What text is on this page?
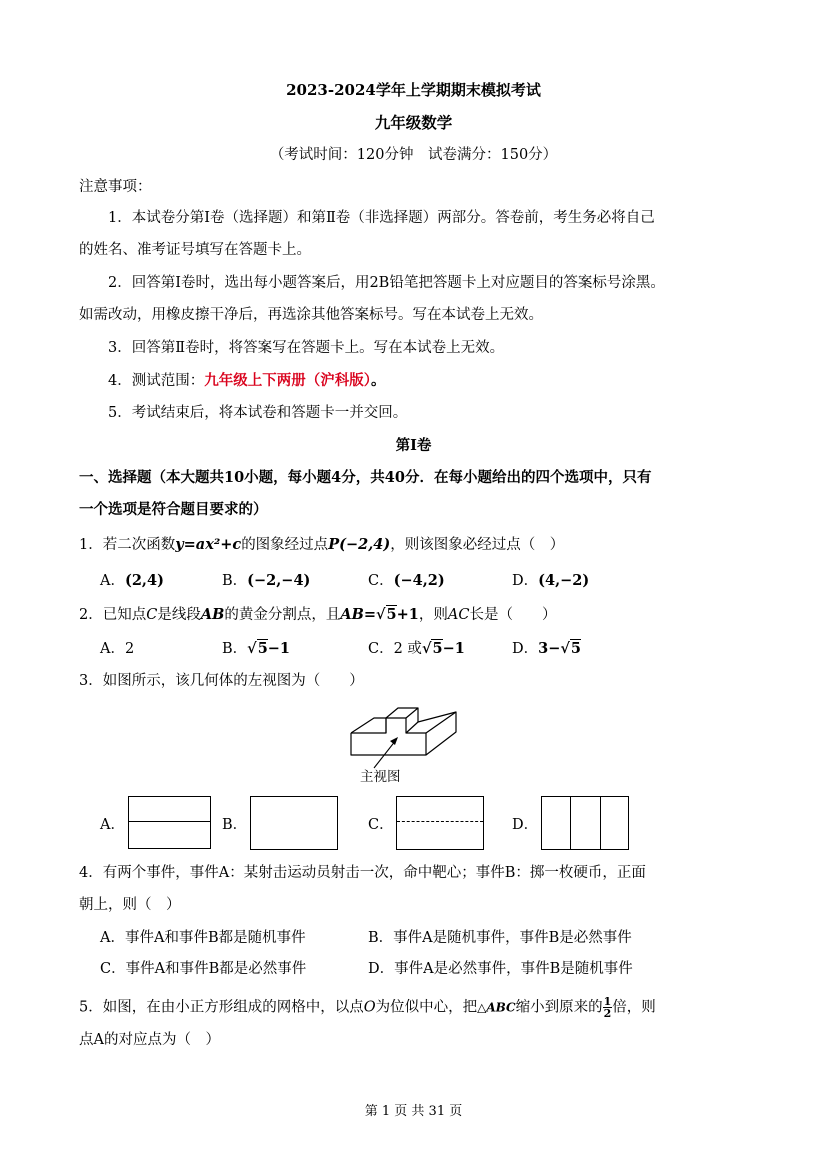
2023-2024学年上学期期末模拟考试
九年级数学
（考试时间：120分钟　试卷满分：150分）
注意事项：
1．本试卷分第Ⅰ卷（选择题）和第Ⅱ卷（非选择题）两部分。答卷前，考生务必将自己
的姓名、准考证号填写在答题卡上。
2．回答第Ⅰ卷时，选出每小题答案后，用2B铅笔把答题卡上对应题目的答案标号涂黑。
如需改动，用橡皮擦干净后，再选涂其他答案标号。写在本试卷上无效。
3．回答第Ⅱ卷时，将答案写在答题卡上。写在本试卷上无效。
4．测试范围：九年级上下两册（沪科版）。
5．考试结束后，将本试卷和答题卡一并交回。
第Ⅰ卷
一、选择题（本大题共10小题，每小题4分，共40分．在每小题给出的四个选项中，只有
一个选项是符合题目要求的）
1．若二次函数y=ax²+c的图象经过点P(−2,4)，则该图象必经过点（　）
A．(2,4)	B．(−2,−4)	C．(−4,2)	D．(4,−2)
2．已知点C是线段AB的黄金分割点，且AB=√5+1，则AC长是（　　）
A．2	B．√5−1	C．2 或√5−1	D．3−√5
3．如图所示，该几何体的左视图为（　　）
主视图
A．	B．	C．	D．
4．有两个事件，事件A：某射击运动员射击一次，命中靶心；事件B：掷一枚硬币，正面
朝上，则（　）
A．事件A和事件B都是随机事件	B．事件A是随机事件，事件B是必然事件
C．事件A和事件B都是必然事件	D．事件A是必然事件，事件B是随机事件
5．如图，在由小正方形组成的网格中，以点O为位似中心，把△ABC缩小到原来的 $\frac{1}{2}$ 倍，则
点A的对应点为（　）
第 1 页 共 31 页
